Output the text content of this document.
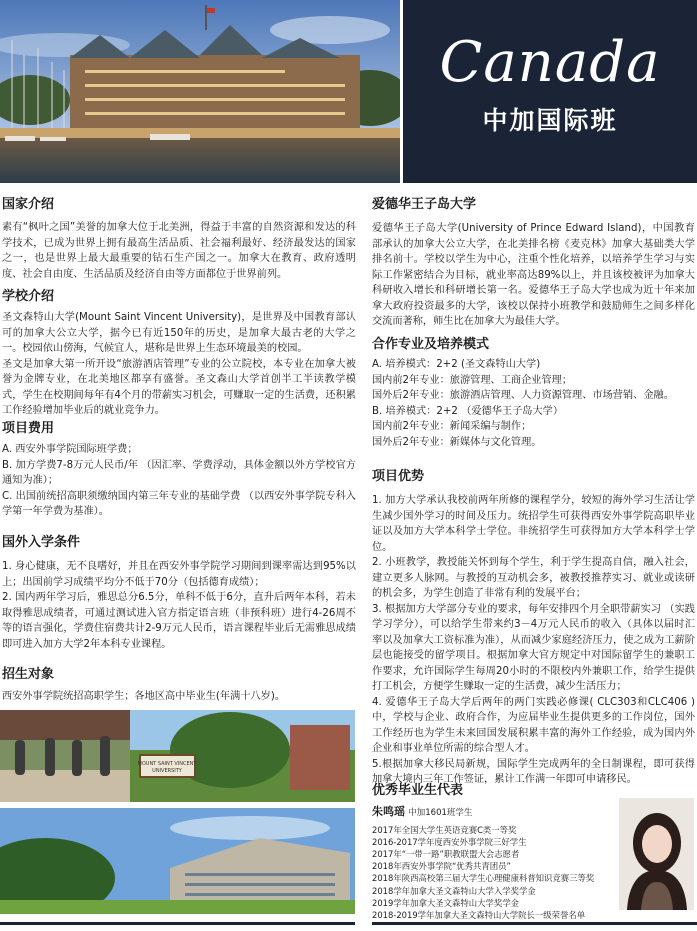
Canada
中加国际班
国家介绍

素有“枫叶之国”美誉的加拿大位于北美洲，得益于丰富的自然资源和发达的科学技术，已成为世界上拥有最高生活品质、社会福利最好、经济最发达的国家之一，也是世界上最大最重要的钻石生产国之一。加拿大在教育、政府透明度、社会自由度、生活品质及经济自由等方面都位于世界前列。

学校介绍

圣文森特山大学(Mount Saint Vincent University)，是世界及中国教育部认可的加拿大公立大学，据今已有近150年的历史，是加拿大最古老的大学之一。校园依山傍海，气候宜人，堪称是世界上生态环境最美的校园。

圣文是加拿大第一所开设“旅游酒店管理”专业的公立院校，本专业在加拿大被誉为金牌专业，在北美地区都享有盛誉。圣文森山大学首创半工半读教学模式，学生在校期间每年有4个月的带薪实习机会，可赚取一定的生活费，还积累工作经验增加毕业后的就业竞争力。

项目费用

A. 西安外事学院国际班学费；

B. 加方学费7-8万元人民币/年 （因汇率、学费浮动，具体金额以外方学校官方通知为准）；

C. 出国前统招高职须缴纳国内第三年专业的基础学费 （以西安外事学院专科入学第一年学费为基准）。

国外入学条件

1. 身心健康，无不良嗜好，并且在西安外事学院学习期间到课率需达到95%以上；出国前学习成绩平均分不低于70分（包括德育成绩）；

2. 国内两年学习后，雅思总分6.5分，单科不低于6分，直升后两年本科，若未取得雅思成绩者，可通过测试进入官方指定语言班（非预科班）进行4-26周不等的语言强化，学费住宿费共计2-9万元人民币，语言课程毕业后无需雅思成绩即可进入加方大学2年本科专业课程。

招生对象

西安外事学院统招高职学生；各地区高中毕业生(年满十八岁)。

MOUNT SAINT VINCENT
UNIVERSITY
爱德华王子岛大学

爱德华王子岛大学(University of Prince Edward Island)，中国教育部承认的加拿大公立大学，在北美排名榜《麦克林》加拿大基础类大学排名前十。学校以学生为中心，注重个性化培养，以培养学生学习与实际工作紧密结合为目标，就业率高达89%以上，并且该校被评为加拿大科研收入增长和科研增长第一名。爱德华王子岛大学也成为近十年来加拿大政府投资最多的大学，该校以保持小班教学和鼓励师生之间多样化交流而著称，师生比在加拿大为最佳大学。

合作专业及培养模式

A. 培养模式：2+2 (圣文森特山大学)

国内前2年专业：旅游管理、工商企业管理；

国外后2年专业：旅游酒店管理、人力资源管理、市场营销、金融。

B. 培养模式：2+2 （爱德华王子岛大学）

国内前2年专业：新闻采编与制作；

国外后2年专业：新媒体与文化管理。

项目优势

1. 加方大学承认我校前两年所修的课程学分，较短的海外学习生活让学生减少国外学习的时间及压力。统招学生可获得西安外事学院高职毕业证以及加方大学本科学士学位。非统招学生可获得加方大学本科学士学位。

2. 小班教学，教授能关怀到每个学生，利于学生提高自信，融入社会，建立更多人脉网。与教授的互动机会多，被教授推荐实习、就业或读研的机会多，为学生创造了非常有利的发展平台；

3. 根据加方大学部分专业的要求，每年安排四个月全职带薪实习 （实践学习学分），可以给学生带来约3－4万元人民币的收入（具体以届时汇率以及加拿大工资标准为准），从而减少家庭经济压力，使之成为工薪阶层也能接受的留学项目。根据加拿大官方规定中对国际留学生的兼职工作要求，允许国际学生每周20小时的不限校内外兼职工作，给学生提供打工机会，方便学生赚取一定的生活费，减少生活压力；

4. 爱德华王子岛大学后两年的两门实践必修课( CLC303和CLC406 )中，学校与企业、政府合作，为应届毕业生提供更多的工作岗位，国外工作经历也为学生未来回国发展积累丰富的海外工作经验，成为国内外企业和事业单位所需的综合型人才。

5.根据加拿大移民局新规，国际学生完成两年的全日制课程，即可获得加拿大境内三年工作签证，累计工作满一年即可申请移民。

优秀毕业生代表
朱鸣瑶 中加1601班学生
2017年全国大学生英语竞赛C类一等奖
2016-2017学年度西安外事学院三好学生
2017年“一带一路”职教联盟大会志愿者
2018年西安外事学院“优秀共青团员”
2018年陕西高校第三届大学生心理健康科普知识竞赛三等奖
2018学年加拿大圣文森特山大学入学奖学金
2019学年加拿大圣文森特山大学奖学金
2018-2019学年加拿大圣文森特山大学院长一级荣誉名单
